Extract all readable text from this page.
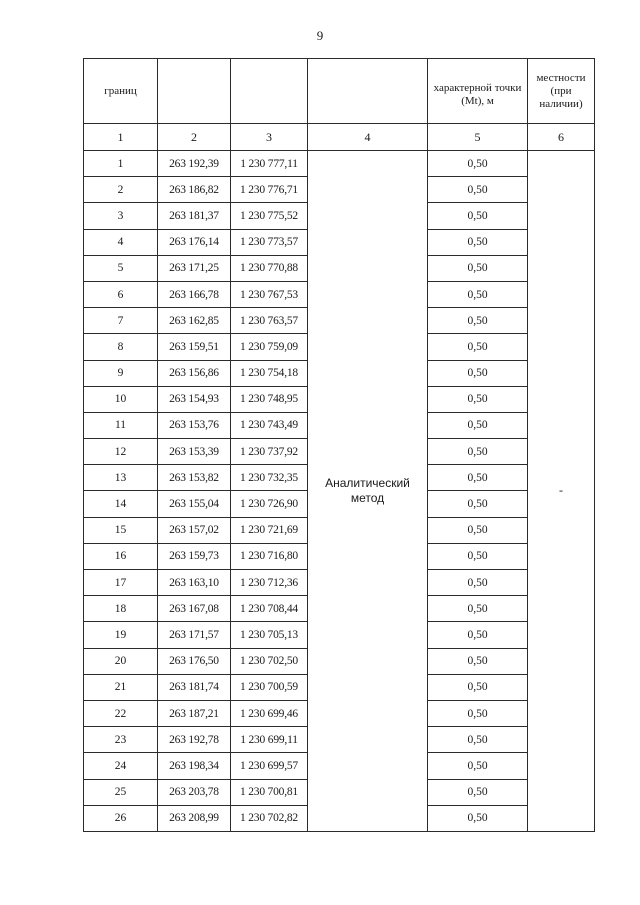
9
границ				характерной точки (Mt), м	местности (при наличии)
1	2	3	4	5	6
1	263 192,39	1 230 777,11	Аналитический метод	0,50	-
2	263 186,82	1 230 776,71		0,50	
3	263 181,37	1 230 775,52		0,50	
4	263 176,14	1 230 773,57		0,50	
5	263 171,25	1 230 770,88		0,50	
6	263 166,78	1 230 767,53		0,50	
7	263 162,85	1 230 763,57		0,50	
8	263 159,51	1 230 759,09		0,50	
9	263 156,86	1 230 754,18		0,50	
10	263 154,93	1 230 748,95		0,50	
11	263 153,76	1 230 743,49		0,50	
12	263 153,39	1 230 737,92		0,50	
13	263 153,82	1 230 732,35		0,50	
14	263 155,04	1 230 726,90		0,50	
15	263 157,02	1 230 721,69		0,50	
16	263 159,73	1 230 716,80		0,50	
17	263 163,10	1 230 712,36		0,50	
18	263 167,08	1 230 708,44		0,50	
19	263 171,57	1 230 705,13		0,50	
20	263 176,50	1 230 702,50		0,50	
21	263 181,74	1 230 700,59		0,50	
22	263 187,21	1 230 699,46		0,50	
23	263 192,78	1 230 699,11		0,50	
24	263 198,34	1 230 699,57		0,50	
25	263 203,78	1 230 700,81		0,50	
26	263 208,99	1 230 702,82		0,50	
